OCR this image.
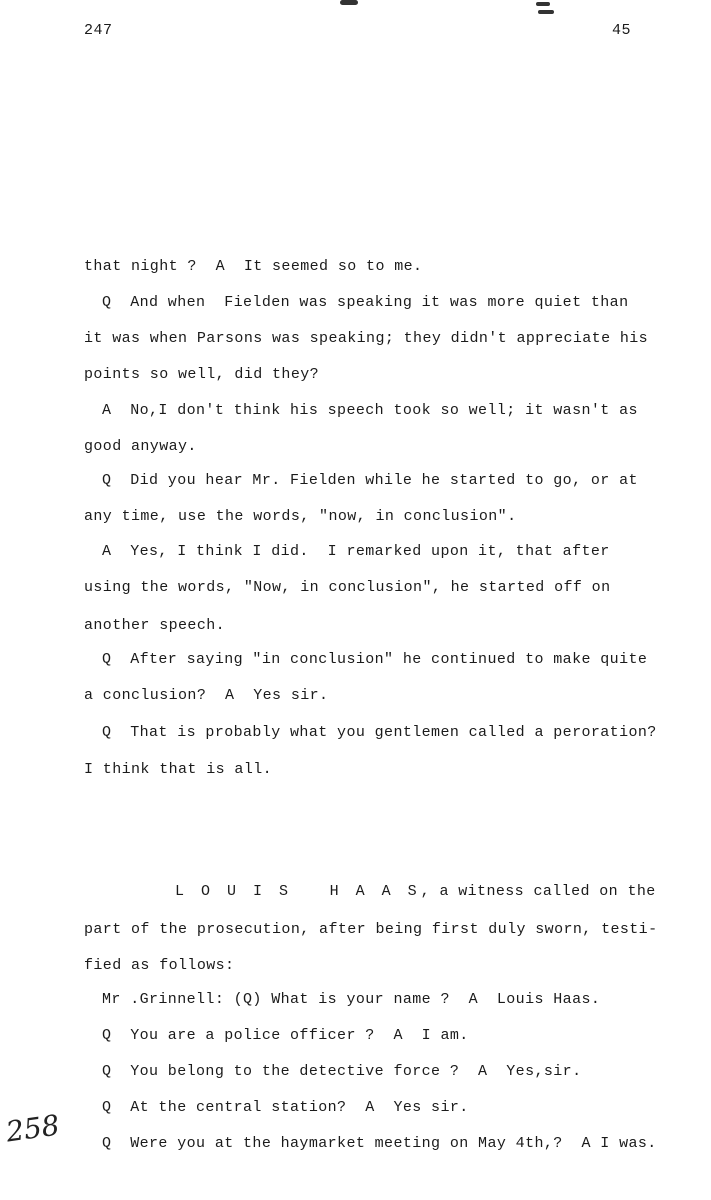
247	45
that night ?  A  It seemed so to me.
Q  And when  Fielden was speaking it was more quiet than
it was when Parsons was speaking; they didn't appreciate his
points so well, did they?
A  No,I don't think his speech took so well; it wasn't as
good anyway.
Q  Did you hear Mr. Fielden while he started to go, or at
any time, use the words, "now, in conclusion".
A  Yes, I think I did.  I remarked upon it, that after
using the words, "Now, in conclusion", he started off on
another speech.
Q  After saying "in conclusion" he continued to make quite
a conclusion?  A  Yes sir.
Q  That is probably what you gentlemen called a peroration?
I think that is all.
L O U I S	H A A S, a witness called on the
part of the prosecution, after being first duly sworn, testi-
fied as follows:
Mr .Grinnell: (Q) What is your name ?  A  Louis Haas.
Q  You are a police officer ?  A  I am.
Q  You belong to the detective force ?  A  Yes,sir.
Q  At the central station?  A  Yes sir.
Q  Were you at the haymarket meeting on May 4th,?  A I was.
258
